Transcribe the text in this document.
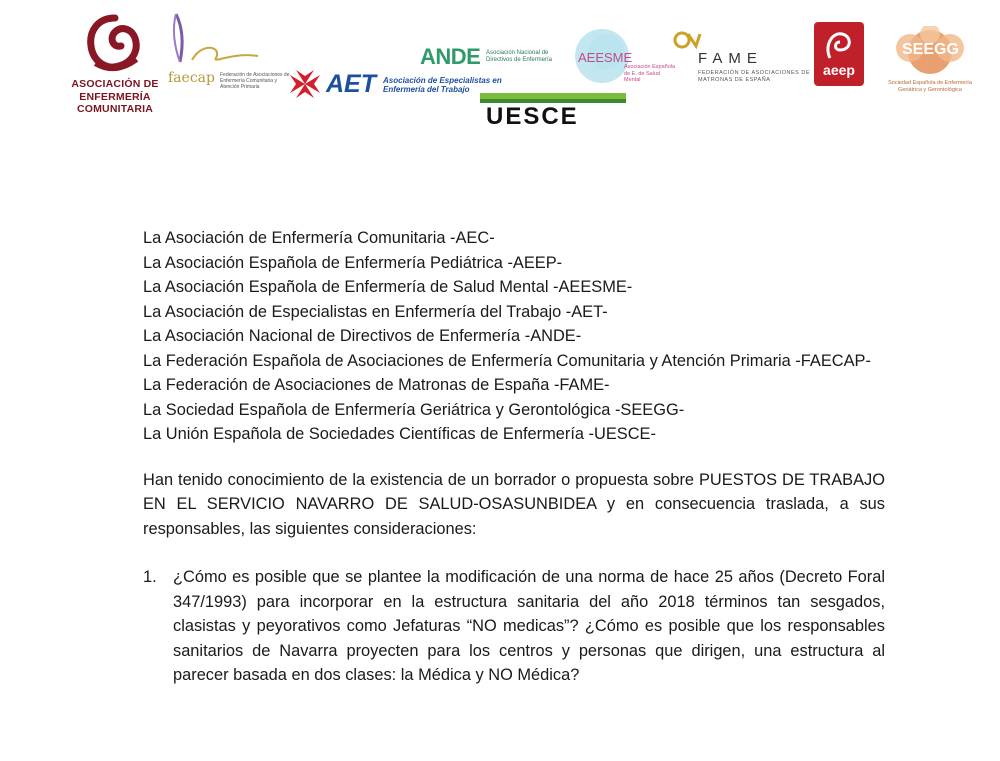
ASOCIACIÓN DE
ENFERMERÍA COMUNITARIA
faecap Federación de Asociaciones de Enfermería Comunitaria y Atención Primaria	AET Asociación de Especialistas en Enfermería del Trabajo
ANDE Asociación Nacional de Directivos de Enfermería
UESCE
AEESME
Asociación Española de E. de Salud Mental
FAME
FEDERACIÓN DE ASOCIACIONES DE MATRONAS DE ESPAÑA
aeep
SEEGG
Sociedad Española de Enfermería Geriátrica y Gerontológica
La Asociación de Enfermería Comunitaria -AEC-
La Asociación Española de Enfermería Pediátrica -AEEP-
La Asociación Española de Enfermería de Salud Mental -AEESME-
La Asociación de Especialistas en Enfermería del Trabajo -AET-
La Asociación Nacional de Directivos de Enfermería -ANDE-
La Federación Española de Asociaciones de Enfermería Comunitaria y Atención Primaria -FAECAP-
La Federación de Asociaciones de Matronas de España -FAME-
La Sociedad Española de Enfermería Geriátrica y Gerontológica -SEEGG-
La Unión Española de Sociedades Científicas de Enfermería -UESCE-

Han tenido conocimiento de la existencia de un borrador o propuesta sobre PUESTOS DE TRABAJO EN EL SERVICIO NAVARRO DE SALUD-OSASUNBIDEA y en consecuencia traslada, a sus responsables, las siguientes consideraciones:

1. ¿Cómo es posible que se plantee la modificación de una norma de hace 25 años (Decreto Foral 347/1993) para incorporar en la estructura sanitaria del año 2018 términos tan sesgados, clasistas y peyorativos como Jefaturas “NO medicas”? ¿Cómo es posible que los responsables sanitarios de Navarra proyecten para los centros y personas que dirigen, una estructura al parecer basada en dos clases: la Médica y NO Médica?
